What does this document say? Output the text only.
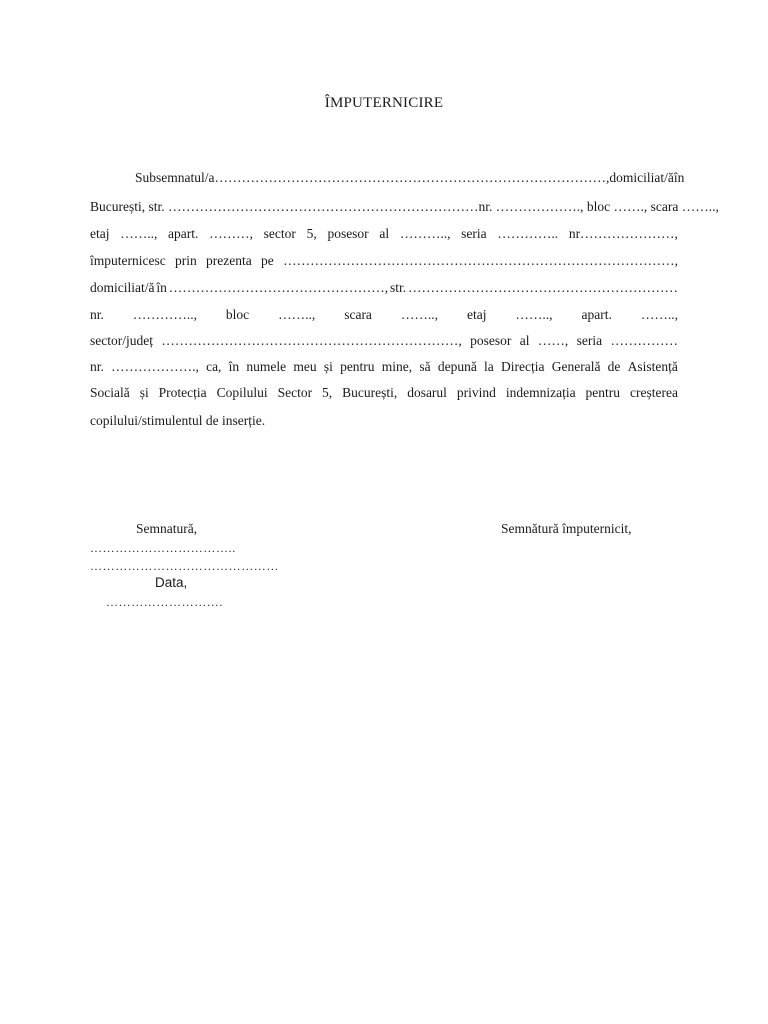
ÎMPUTERNICIRE
Subsemnatul/a ……………………………………………………………………………, domiciliat/ă în
București, str. ……………………………………………………………nr. ………………., bloc ……., scara ……..,
etaj …….., apart. ………, sector 5, posesor al ……….., seria ………….. nr…………………,
împuternicesc prin prezenta pe ……………………………………………………………………………,
domiciliat/ă în …………………………………………, str. ……………………………………………………
nr. ………….., bloc …….., scara …….., etaj …….., apart. ……..,
sector/județ …………………………………………………………, posesor al ……, seria ……………
nr. ………………., ca, în numele meu și pentru mine, să depună la Direcția Generală de Asistență
Socială și Protecția Copilului Sector 5, București, dosarul privind indemnizația pentru creșterea
copilului/stimulentul de inserție.
Semnatură,	Semnătură împuternicit,
……………………………..
………………………………………
Data,
……………………….
